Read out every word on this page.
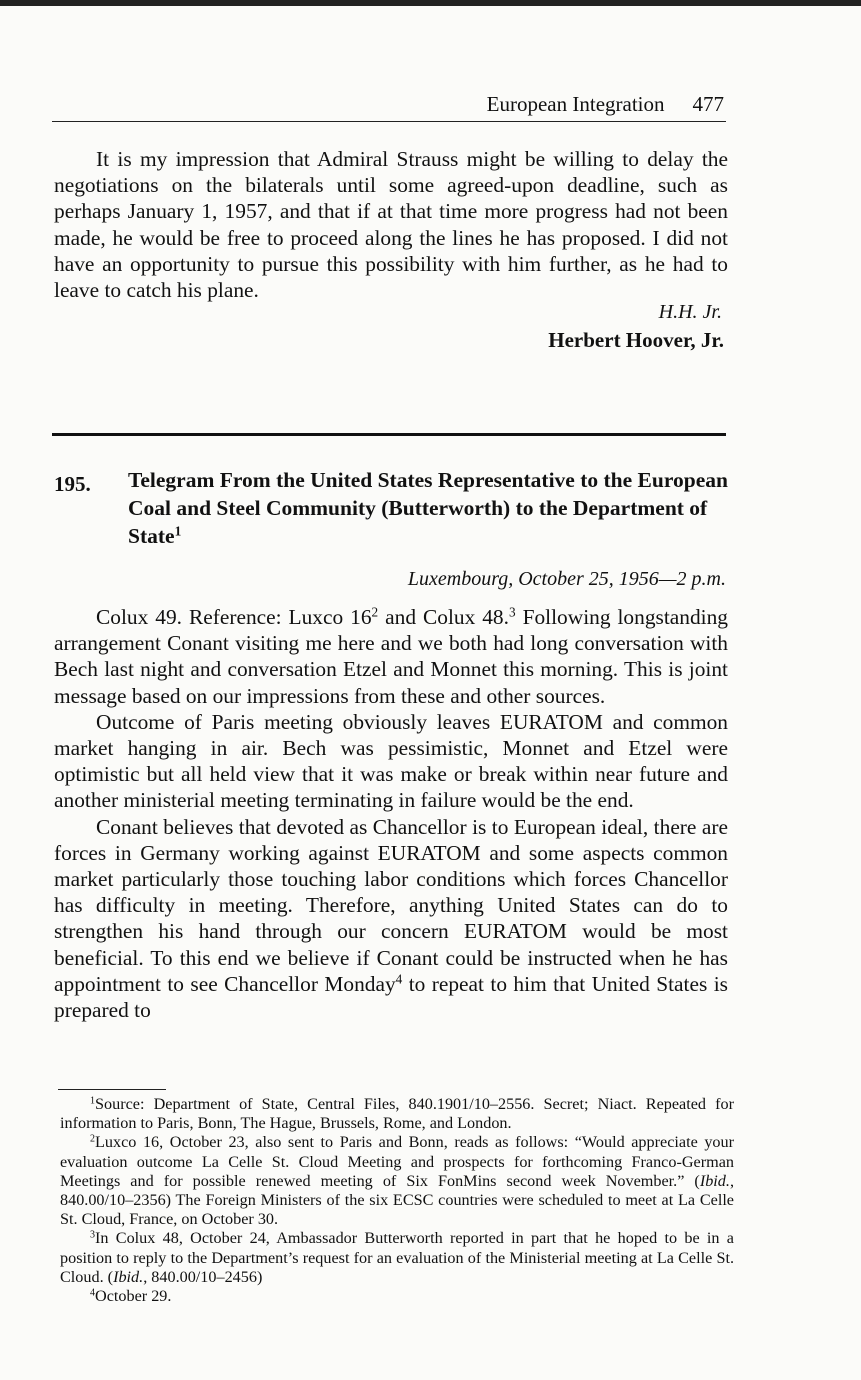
European Integration 477

It is my impression that Admiral Strauss might be willing to delay the negotiations on the bilaterals until some agreed-upon deadline, such as perhaps January 1, 1957, and that if at that time more progress had not been made, he would be free to proceed along the lines he has proposed. I did not have an opportunity to pursue this possibility with him further, as he had to leave to catch his plane.

H.H. Jr.
Herbert Hoover, Jr.
195. Telegram From the United States Representative to the European Coal and Steel Community (Butterworth) to the Department of State$^1$
Luxembourg, October 25, 1956—2 p.m.

Colux 49. Reference: Luxco $16^2$ and Colux 48.$^3$ Following longstanding arrangement Conant visiting me here and we both had long conversation with Bech last night and conversation Etzel and Monnet this morning. This is joint message based on our impressions from these and other sources.

Outcome of Paris meeting obviously leaves EURATOM and common market hanging in air. Bech was pessimistic, Monnet and Etzel were optimistic but all held view that it was make or break within near future and another ministerial meeting terminating in failure would be the end.

Conant believes that devoted as Chancellor is to European ideal, there are forces in Germany working against EURATOM and some aspects common market particularly those touching labor conditions which forces Chancellor has difficulty in meeting. Therefore, anything United States can do to strengthen his hand through our concern EURATOM would be most beneficial. To this end we believe if Conant could be instructed when he has appointment to see Chancellor Monday$^4$ to repeat to him that United States is prepared to

$^1$Source: Department of State, Central Files, 840.1901/10–2556. Secret; Niact. Repeated for information to Paris, Bonn, The Hague, Brussels, Rome, and London.

$^2$Luxco 16, October 23, also sent to Paris and Bonn, reads as follows: “Would appreciate your evaluation outcome La Celle St. Cloud Meeting and prospects for forthcoming Franco-German Meetings and for possible renewed meeting of Six FonMins second week November.” (Ibid., 840.00/10–2356) The Foreign Ministers of the six ECSC countries were scheduled to meet at La Celle St. Cloud, France, on October 30.

$^3$In Colux 48, October 24, Ambassador Butterworth reported in part that he hoped to be in a position to reply to the Department’s request for an evaluation of the Ministerial meeting at La Celle St. Cloud. (Ibid., 840.00/10–2456)

$^4$October 29.
